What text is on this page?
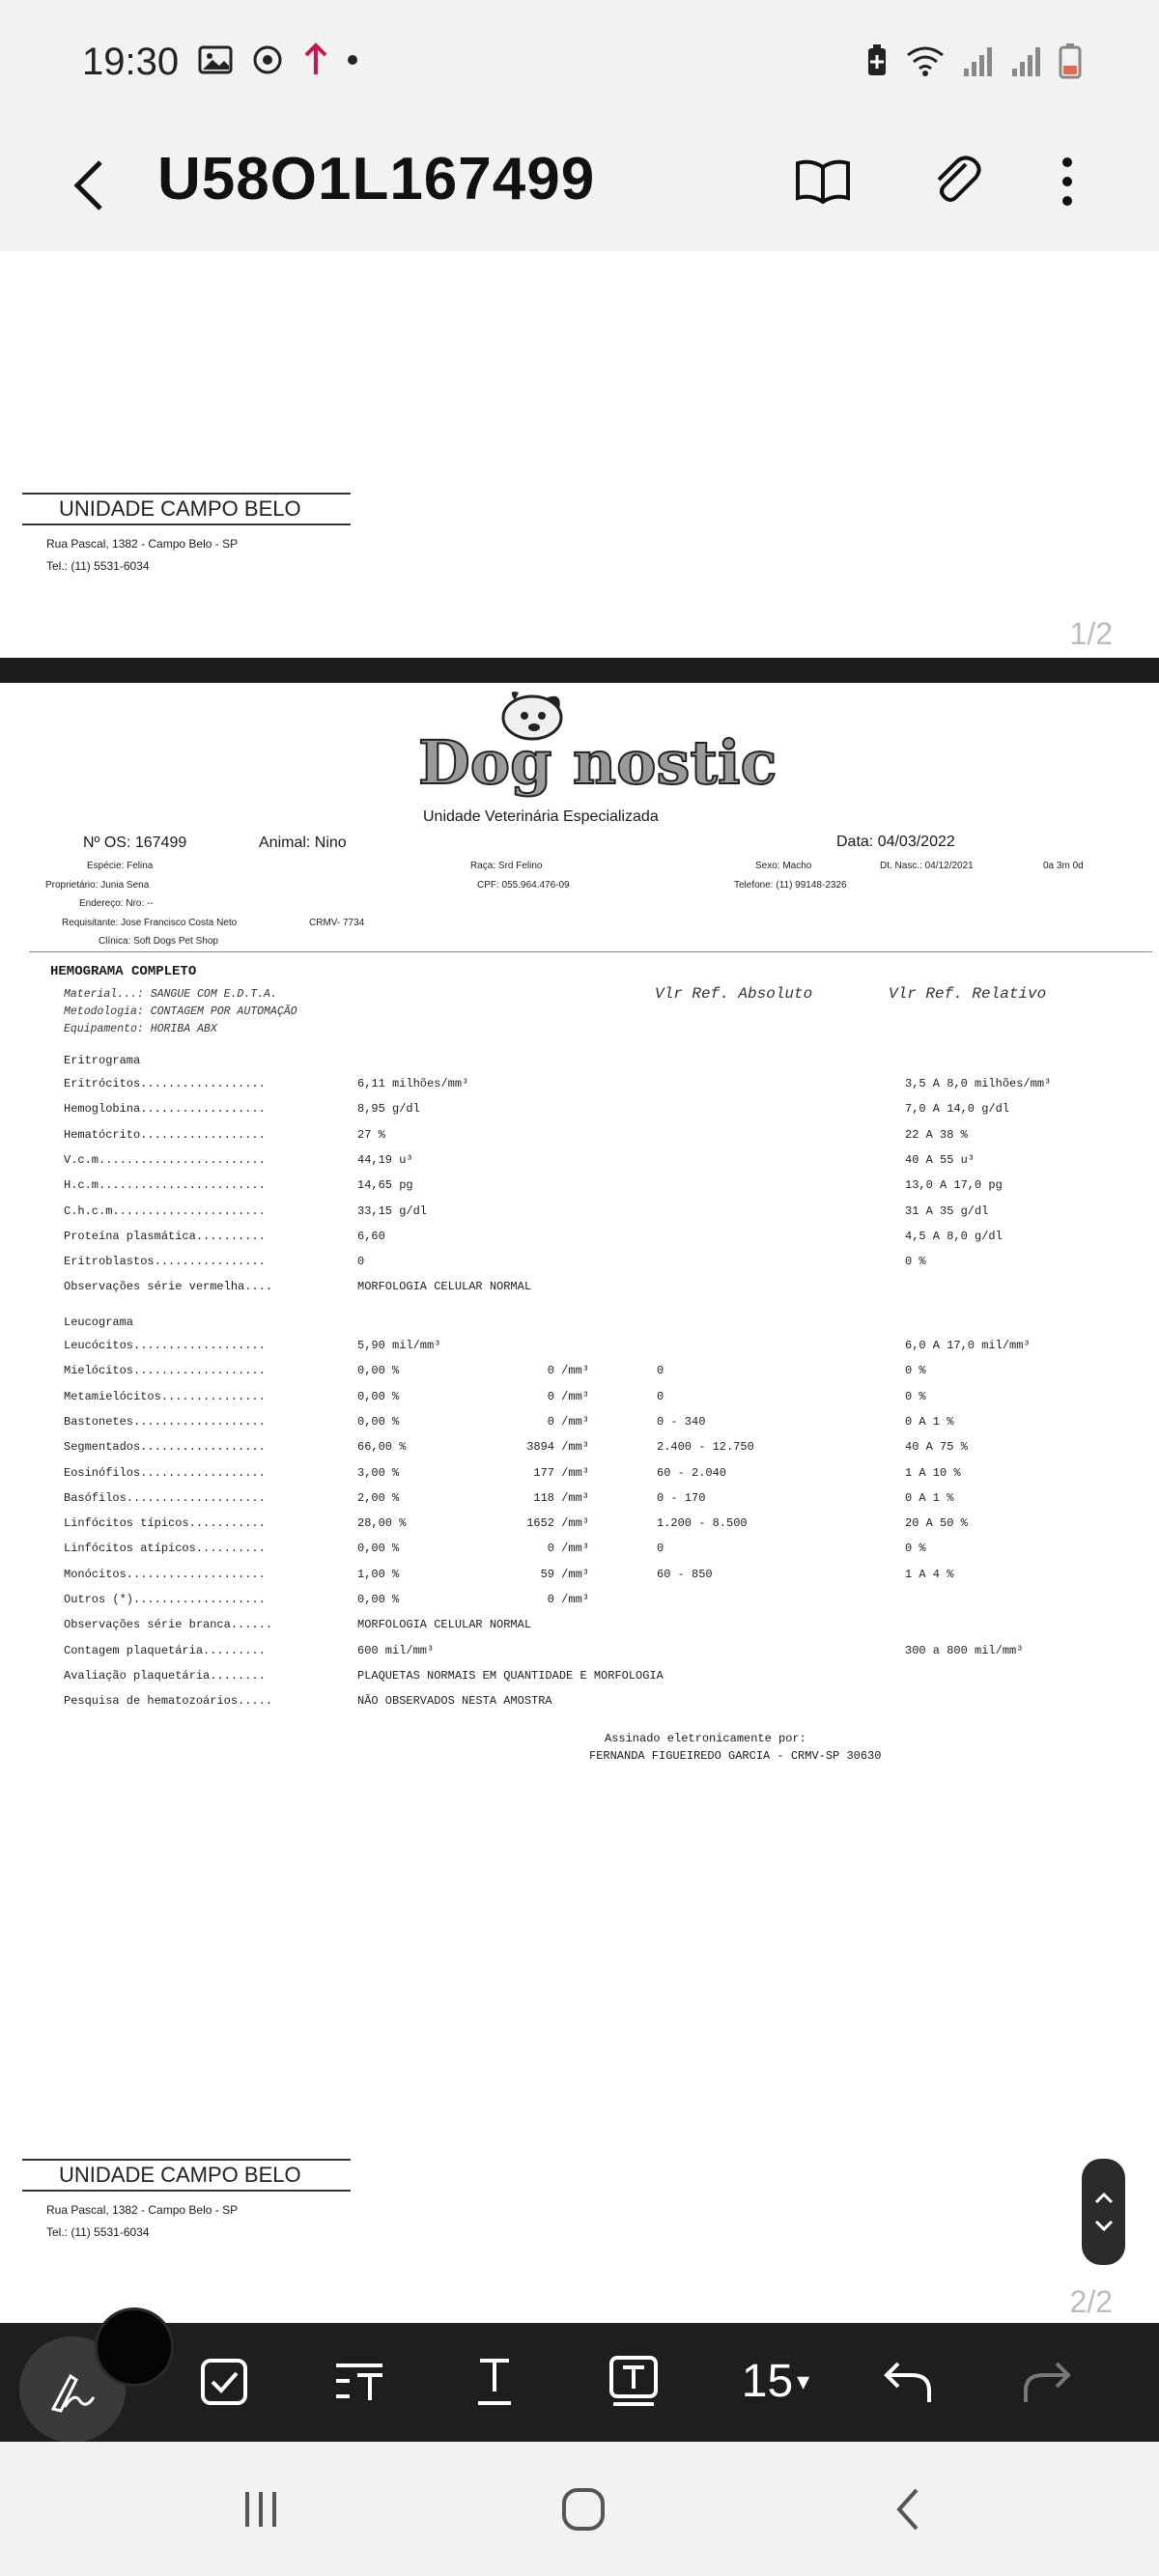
19:30
U58O1L167499
UNIDADE CAMPO BELO
Rua Pascal, 1382 - Campo Belo - SP
Tel.: (11) 5531-6034
1/2
Dog nostic
Unidade Veterinária Especializada
Nº OS: 167499	Animal: Nino	Data: 04/03/2022
Espécie: Felina	Raça: Srd Felino	Sexo: Macho	Dt. Nasc.: 04/12/2021	0a 3m 0d
Proprietário: Junia Sena	CPF: 055.964.476-09	Telefone: (11) 99148-2326
Endereço: Nro: --
Requisitante: Jose Francisco Costa Neto	CRMV- 7734
Clínica: Soft Dogs Pet Shop
HEMOGRAMA COMPLETO
Material...: SANGUE COM E.D.T.A.
Metodologia: CONTAGEM POR AUTOMAÇÃO
Equipamento: HORIBA ABX
Vlr Ref. Absoluto	Vlr Ref. Relativo
Eritrograma
Eritrócitos..................	6,11 milhões/mm³	3,5 A 8,0 milhões/mm³
Hemoglobina..................	8,95 g/dl	7,0 A 14,0 g/dl
Hematócrito..................	27 %	22 A 38 %
V.c.m........................	44,19 u³	40 A 55 u³
H.c.m........................	14,65 pg	13,0 A 17,0 pg
C.h.c.m......................	33,15 g/dl	31 A 35 g/dl
Proteína plasmática..........	6,60	4,5 A 8,0 g/dl
Eritroblastos................	0	0 %
Observações série vermelha....	MORFOLOGIA CELULAR NORMAL
Leucograma
Leucócitos...................	5,90 mil/mm³	6,0 A 17,0 mil/mm³
Mielócitos...................	0,00 %	0 /mm³	0	0 %
Metamielócitos...............	0,00 %	0 /mm³	0	0 %
Bastonetes...................	0,00 %	0 /mm³	0 - 340	0 A 1 %
Segmentados..................	66,00 %	3894 /mm³	2.400 - 12.750	40 A 75 %
Eosinófilos..................	3,00 %	177 /mm³	60 - 2.040	1 A 10 %
Basófilos....................	2,00 %	118 /mm³	0 - 170	0 A 1 %
Linfócitos típicos...........	28,00 %	1652 /mm³	1.200 - 8.500	20 A 50 %
Linfócitos atípicos..........	0,00 %	0 /mm³	0	0 %
Monócitos....................	1,00 %	59 /mm³	60 - 850	1 A 4 %
Outros (*)...................	0,00 %	0 /mm³
Observações série branca......	MORFOLOGIA CELULAR NORMAL
Contagem plaquetária.........	600 mil/mm³	300 a 800 mil/mm³
Avaliação plaquetária........	PLAQUETAS NORMAIS EM QUANTIDADE E MORFOLOGIA
Pesquisa de hematozoários.....	NÃO OBSERVADOS NESTA AMOSTRA
Assinado eletronicamente por:
FERNANDA FIGUEIREDO GARCIA - CRMV-SP 30630
UNIDADE CAMPO BELO
Rua Pascal, 1382 - Campo Belo - SP
Tel.: (11) 5531-6034
2/2
15 ▾
